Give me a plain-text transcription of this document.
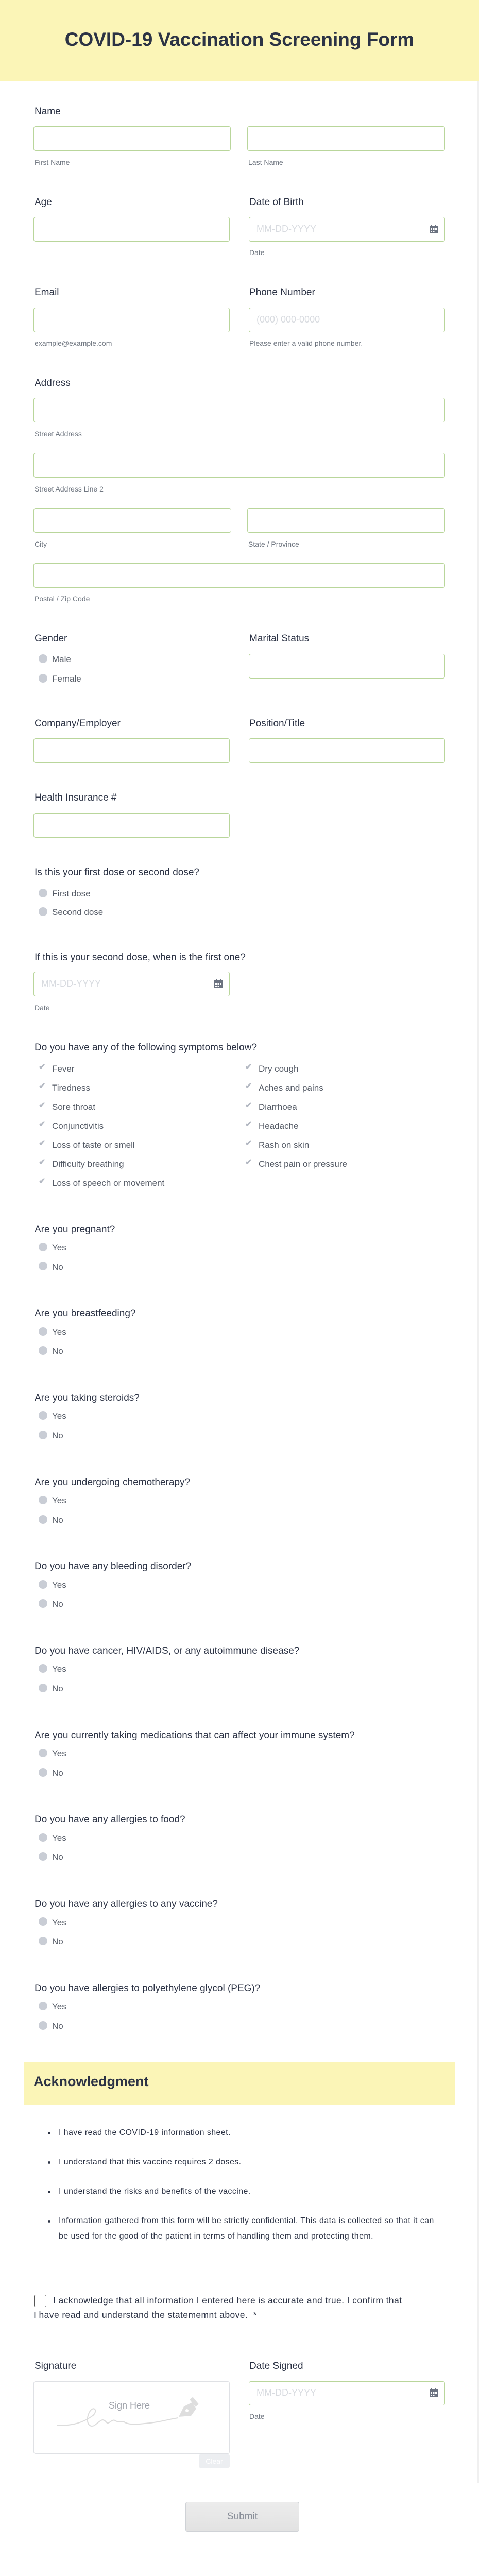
COVID-19 Vaccination Screening Form
Name
First Name	Last Name
Age	Date of Birth
MM-DD-YYYY
Date
Email
example@example.com
Phone Number
(000) 000-0000
Please enter a valid phone number.
Address
Street Address
Street Address Line 2
City	State / Province
Postal / Zip Code
Gender
Male
Female
Marital Status
Company/Employer	Position/Title
Health Insurance #
Is this your first dose or second dose?
First dose
Second dose
If this is your second dose, when is the first one?
MM-DD-YYYY
Date
Do you have any of the following symptoms below?
✔ Fever
✔ Tiredness
✔ Sore throat
✔ Conjunctivitis
✔ Loss of taste or smell
✔ Difficulty breathing
✔ Loss of speech or movement
✔ Dry cough
✔ Aches and pains
✔ Diarrhoea
✔ Headache
✔ Rash on skin
✔ Chest pain or pressure
Are you pregnant?
Yes
No
Are you breastfeeding?
Yes
No
Are you taking steroids?
Yes
No
Are you undergoing chemotherapy?
Yes
No
Do you have any bleeding disorder?
Yes
No
Do you have cancer, HIV/AIDS, or any autoimmune disease?
Yes
No
Are you currently taking medications that can affect your immune system?
Yes
No
Do you have any allergies to food?
Yes
No
Do you have any allergies to any vaccine?
Yes
No
Do you have allergies to polyethylene glycol (PEG)?
Yes
No
Acknowledgment
I have read the COVID-19 information sheet.
I understand that this vaccine requires 2 doses.
I understand the risks and benefits of the vaccine.
Information gathered from this form will be strictly confidential. This data is collected so that it can be used for the good of the patient in terms of handling them and protecting them.
I acknowledge that all information I entered here is accurate and true. I confirm that I have read and understand the statememnt above. *
Signature
Sign Here
Clear
Date Signed
MM-DD-YYYY
Date
Submit
